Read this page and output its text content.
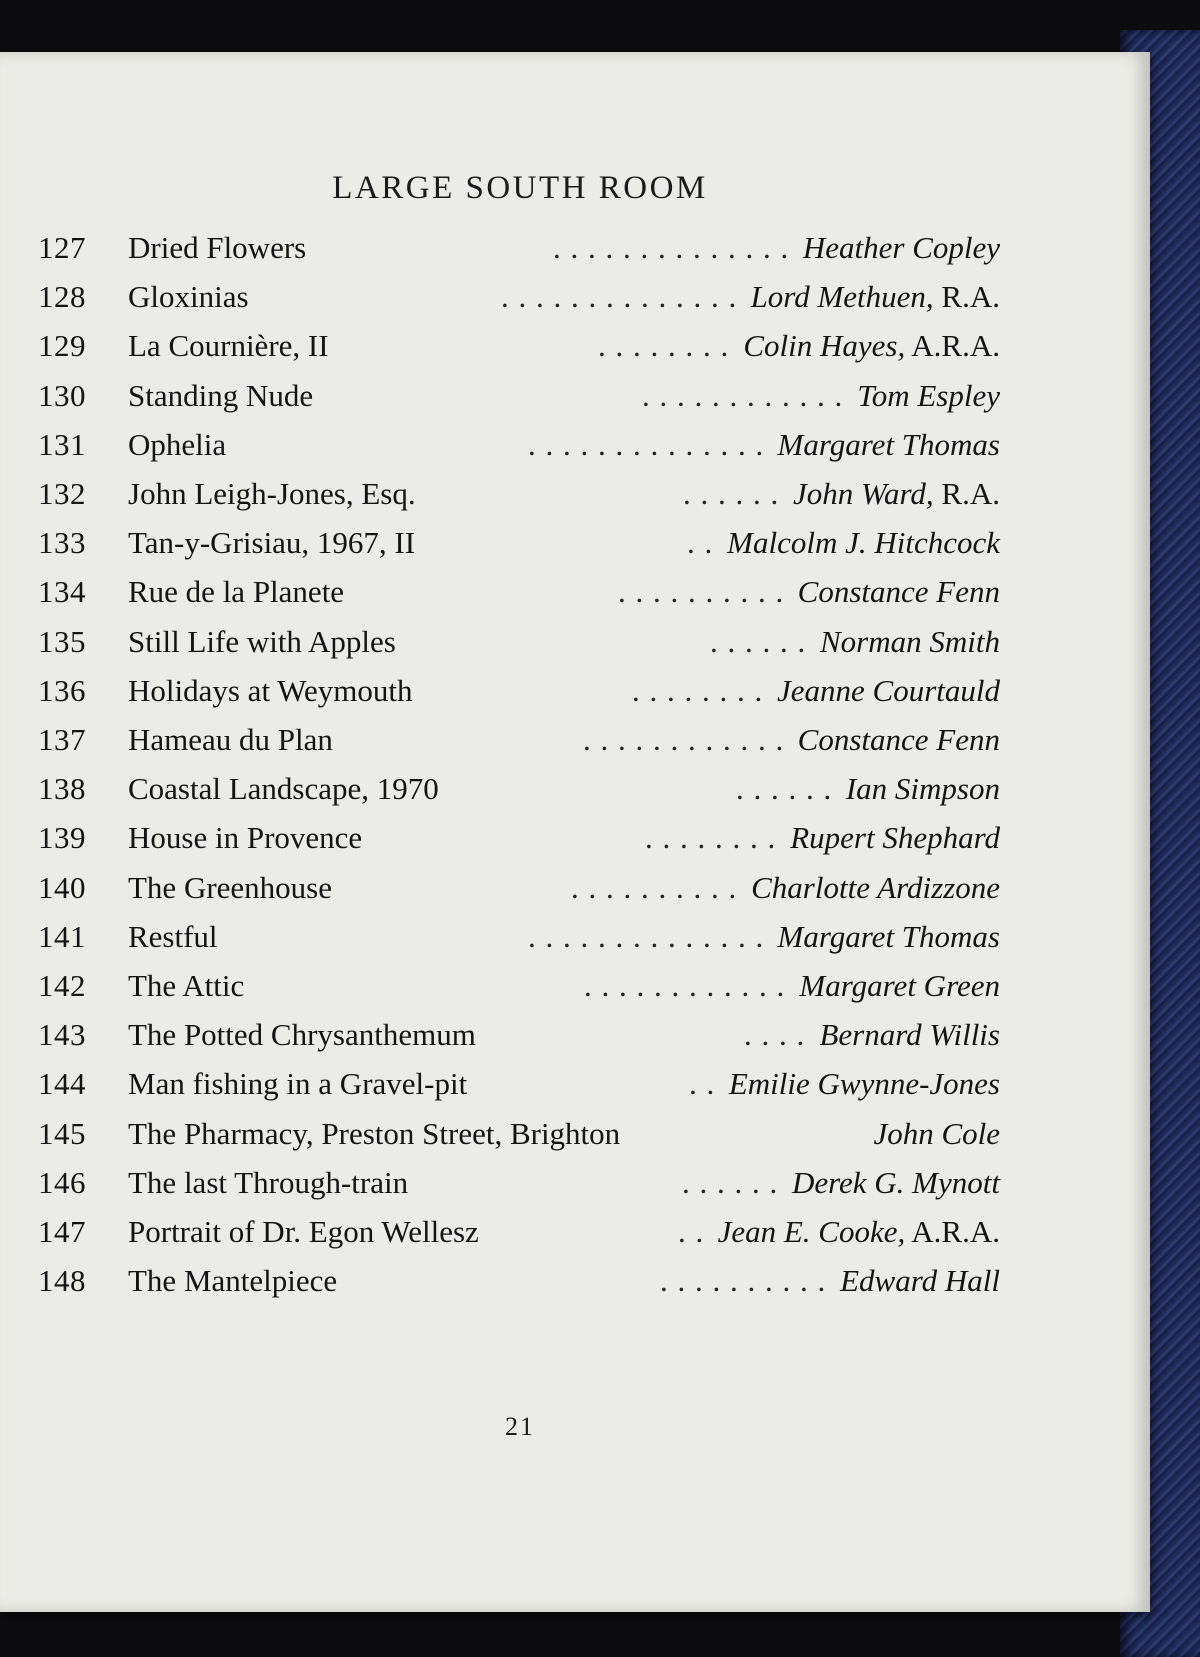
LARGE SOUTH ROOM
127	Dried Flowers	. . . . . . . . . . . . . . Heather Copley
128	Gloxinias	. . . . . . . . . . . . . . Lord Methuen, R.A.
129	La Cournière, II	. . . . . . . . Colin Hayes, A.R.A.
130	Standing Nude	. . . . . . . . . . . . Tom Espley
131	Ophelia	. . . . . . . . . . . . . . Margaret Thomas
132	John Leigh-Jones, Esq.	. . . . . . John Ward, R.A.
133	Tan-y-Grisiau, 1967, II	. . Malcolm J. Hitchcock
134	Rue de la Planete	. . . . . . . . . . Constance Fenn
135	Still Life with Apples	. . . . . . Norman Smith
136	Holidays at Weymouth	. . . . . . . . Jeanne Courtauld
137	Hameau du Plan	. . . . . . . . . . . . Constance Fenn
138	Coastal Landscape, 1970	. . . . . . Ian Simpson
139	House in Provence	. . . . . . . . Rupert Shephard
140	The Greenhouse	. . . . . . . . . . Charlotte Ardizzone
141	Restful	. . . . . . . . . . . . . . Margaret Thomas
142	The Attic	. . . . . . . . . . . . Margaret Green
143	The Potted Chrysanthemum	. . . . Bernard Willis
144	Man fishing in a Gravel-pit	. . Emilie Gwynne-Jones
145	The Pharmacy, Preston Street, Brighton	John Cole
146	The last Through-train	. . . . . . Derek G. Mynott
147	Portrait of Dr. Egon Wellesz	. . Jean E. Cooke, A.R.A.
148	The Mantelpiece	. . . . . . . . . . Edward Hall
21
